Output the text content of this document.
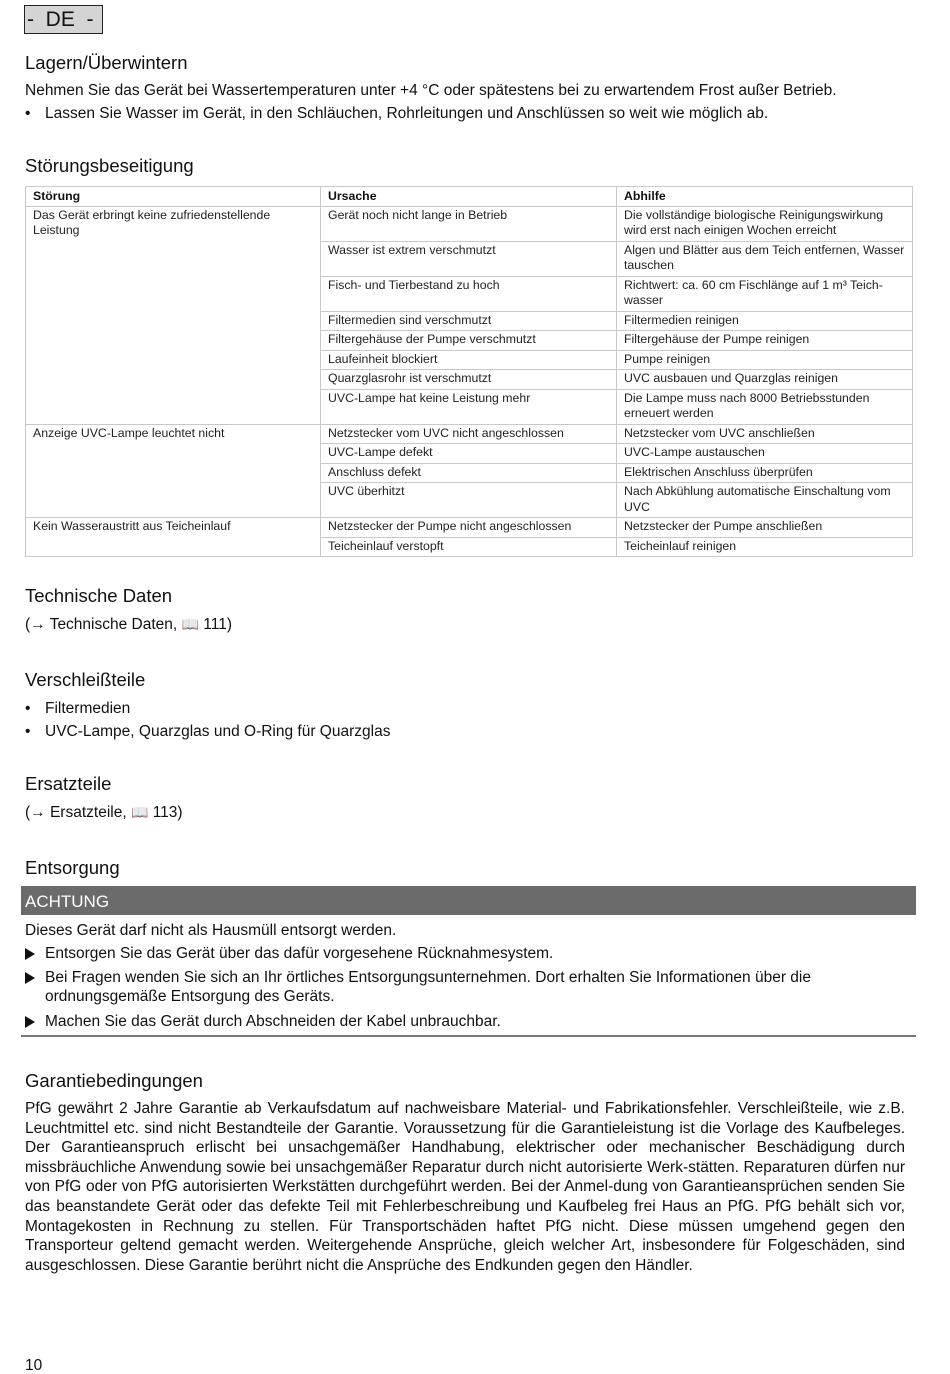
-  DE  -
Lagern/Überwintern

Nehmen Sie das Gerät bei Wassertemperaturen unter +4 °C oder spätestens bei zu erwartendem Frost außer Betrieb.

• Lassen Sie Wasser im Gerät, in den Schläuchen, Rohrleitungen und Anschlüssen so weit wie möglich ab.
Störungsbeseitigung
Störung	Ursache	Abhilfe
Das Gerät erbringt keine zufriedenstellende Leistung	Gerät noch nicht lange in Betrieb	Die vollständige biologische Reinigungswirkung wird erst nach einigen Wochen erreicht
	Wasser ist extrem verschmutzt	Algen und Blätter aus dem Teich entfernen, Wasser tauschen
	Fisch- und Tierbestand zu hoch	Richtwert: ca. 60 cm Fischlänge auf 1 m³ Teich-wasser
	Filtermedien sind verschmutzt	Filtermedien reinigen
	Filtergehäuse der Pumpe verschmutzt	Filtergehäuse der Pumpe reinigen
	Laufeinheit blockiert	Pumpe reinigen
	Quarzglasrohr ist verschmutzt	UVC ausbauen und Quarzglas reinigen
	UVC-Lampe hat keine Leistung mehr	Die Lampe muss nach 8000 Betriebsstunden erneuert werden
Anzeige UVC-Lampe leuchtet nicht	Netzstecker vom UVC nicht angeschlossen	Netzstecker vom UVC anschließen
	UVC-Lampe defekt	UVC-Lampe austauschen
	Anschluss defekt	Elektrischen Anschluss überprüfen
	UVC überhitzt	Nach Abkühlung automatische Einschaltung vom UVC
Kein Wasseraustritt aus Teicheinlauf	Netzstecker der Pumpe nicht angeschlossen	Netzstecker der Pumpe anschließen
	Teicheinlauf verstopft	Teicheinlauf reinigen
Technische Daten

(→ Technische Daten, 📖 111)

Verschleißteile
• Filtermedien
• UVC-Lampe, Quarzglas und O-Ring für Quarzglas
Ersatzteile

(→ Ersatzteile, 📖 113)

Entsorgung
ACHTUNG

Dieses Gerät darf nicht als Hausmüll entsorgt werden.

Entsorgen Sie das Gerät über das dafür vorgesehene Rücknahmesystem.
Bei Fragen wenden Sie sich an Ihr örtliches Entsorgungsunternehmen. Dort erhalten Sie Informationen über die
ordnungsgemäße Entsorgung des Geräts.
Machen Sie das Gerät durch Abschneiden der Kabel unbrauchbar.
Garantiebedingungen

PfG gewährt 2 Jahre Garantie ab Verkaufsdatum auf nachweisbare Material- und Fabrikationsfehler. Verschleißteile, wie z.B. Leuchtmittel etc. sind nicht Bestandteile der Garantie. Voraussetzung für die Garantieleistung ist die Vorlage des Kaufbeleges. Der Garantieanspruch erlischt bei unsachgemäßer Handhabung, elektrischer oder mechanischer Beschädigung durch missbräuchliche Anwendung sowie bei unsachgemäßer Reparatur durch nicht autorisierte Werk-stätten. Reparaturen dürfen nur von PfG oder von PfG autorisierten Werkstätten durchgeführt werden. Bei der Anmel-dung von Garantieansprüchen senden Sie das beanstandete Gerät oder das defekte Teil mit Fehlerbeschreibung und Kaufbeleg frei Haus an PfG. PfG behält sich vor, Montagekosten in Rechnung zu stellen. Für Transportschäden haftet PfG nicht. Diese müssen umgehend gegen den Transporteur geltend gemacht werden. Weitergehende Ansprüche, gleich welcher Art, insbesondere für Folgeschäden, sind ausgeschlossen. Diese Garantie berührt nicht die Ansprüche des Endkunden gegen den Händler.

10
